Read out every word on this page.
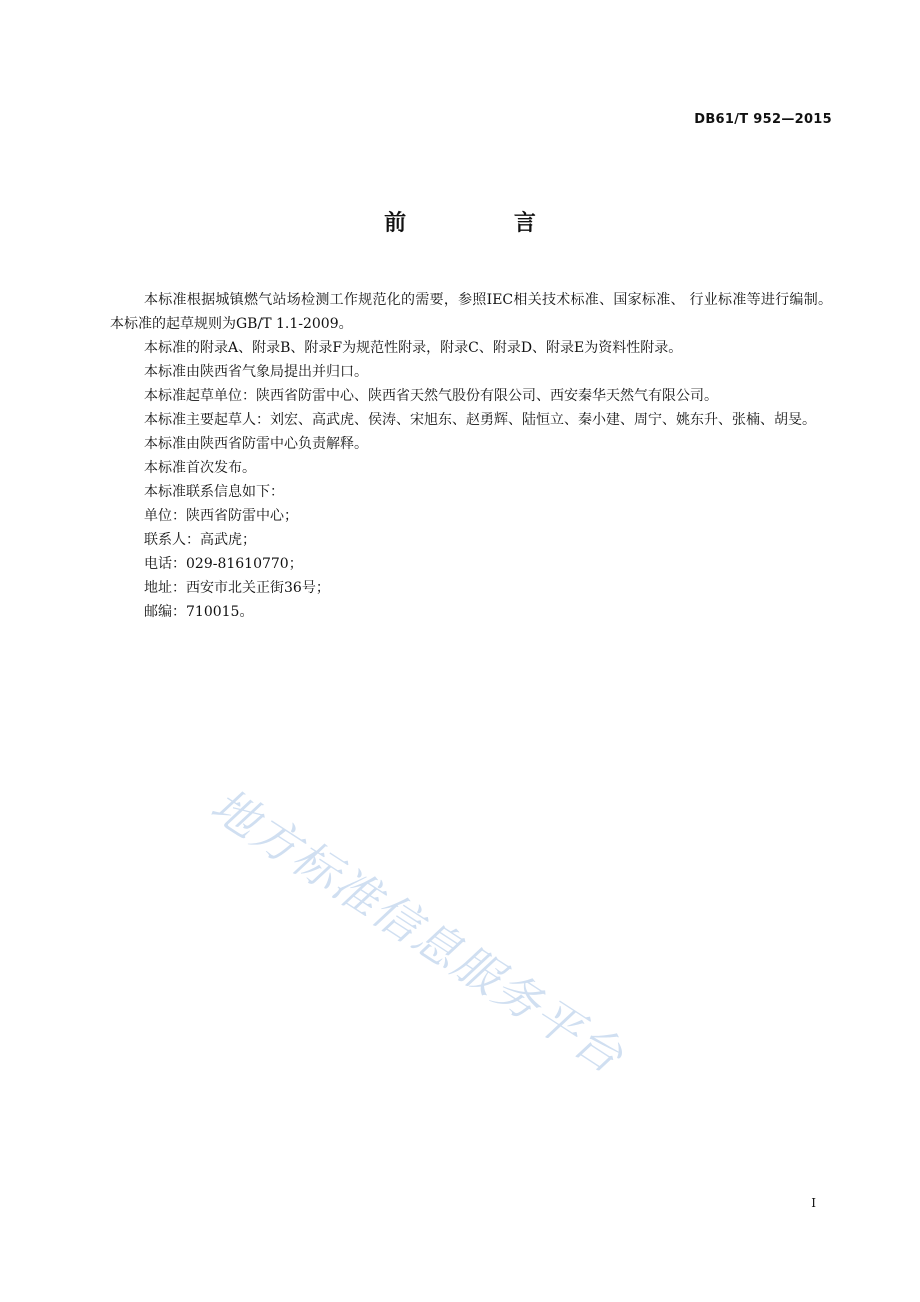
DB61/T 952—2015
前 言

本标准根据城镇燃气站场检测工作规范化的需要，参照IEC相关技术标准、国家标准、 行业标准等进行编制。本标准的起草规则为GB/T 1.1-2009。

本标准的附录A、附录B、附录F为规范性附录，附录C、附录D、附录E为资料性附录。

本标准由陕西省气象局提出并归口。

本标准起草单位：陕西省防雷中心、陕西省天然气股份有限公司、西安秦华天然气有限公司。

本标准主要起草人：刘宏、高武虎、侯涛、宋旭东、赵勇辉、陆恒立、秦小建、周宁、姚东升、张楠、胡旻。

本标准由陕西省防雷中心负责解释。

本标准首次发布。

本标准联系信息如下：

单位：陕西省防雷中心；

联系人：高武虎；

电话：029-81610770；

地址：西安市北关正街36号；

邮编：710015。

地方标准信息服务平台
I
